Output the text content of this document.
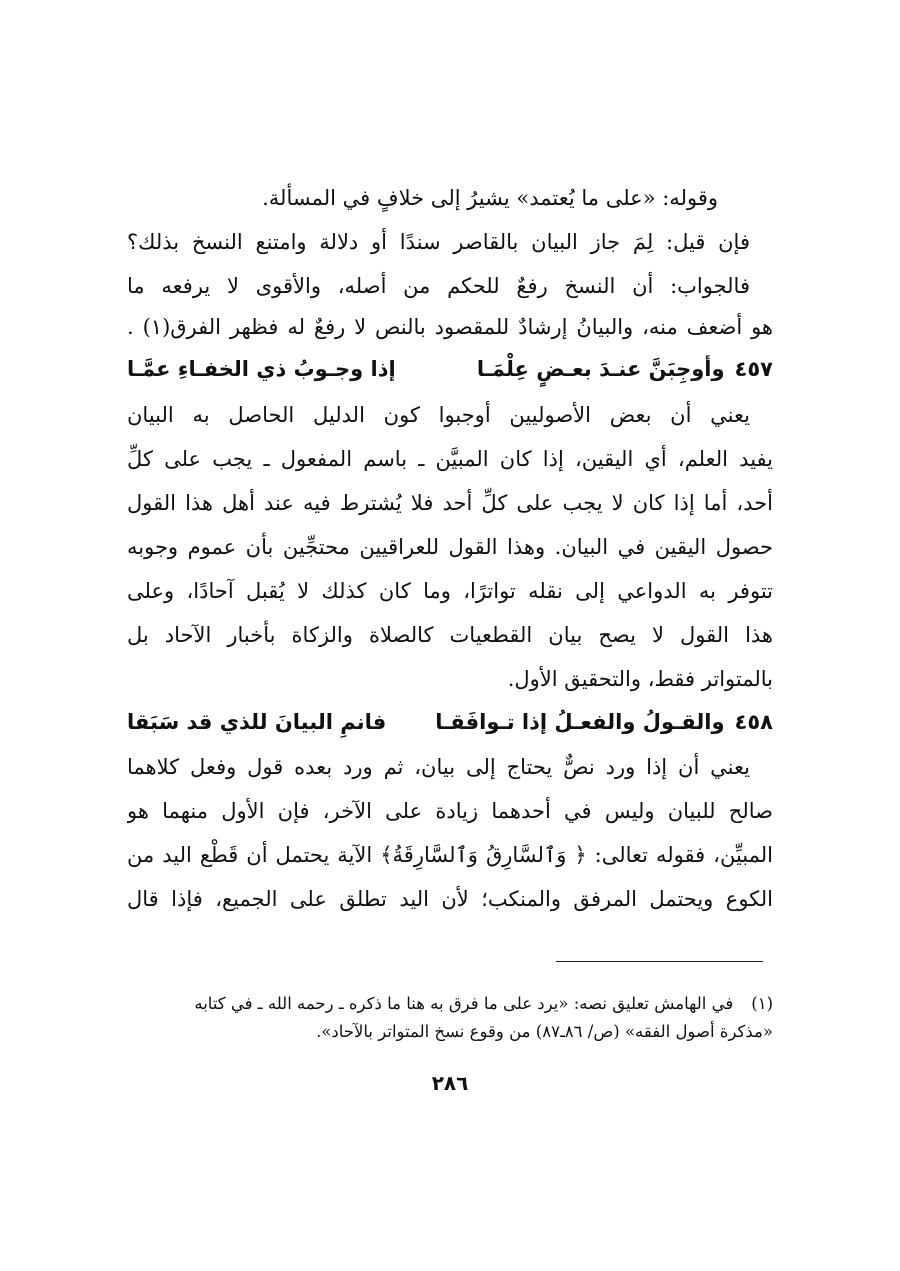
وقوله: «على ما يُعتمد» يشيرُ إلى خلافٍ في المسألة.
فإن قيل: لِمَ جاز البيان بالقاصر سندًا أو دلالة وامتنع النسخ بذلك؟
فالجواب: أن النسخ رفعٌ للحكم من أصله، والأقوى لا يرفعه ما
هو أضعف منه، والبيانُ إرشادٌ للمقصود بالنص لا رفعٌ له فظهر الفرق(١) .
٤٥٧
وأوجِبَنَّ عنـدَ بعـضٍ عِلْمَـا
إذا وجـوبُ ذي الخفـاءِ عمَّـا
يعني أن بعض الأصوليين أوجبوا كون الدليل الحاصل به البيان
يفيد العلم، أي اليقين، إذا كان المبيَّن ـ باسم المفعول ـ يجب على كلِّ
أحد، أما إذا كان لا يجب على كلِّ أحد فلا يُشترط فيه عند أهل هذا القول
حصول اليقين في البيان. وهذا القول للعراقيين محتجِّين بأن عموم وجوبه
تتوفر به الدواعي إلى نقله تواترًا، وما كان كذلك لا يُقبل آحادًا، وعلى
هذا القول لا يصح بيان القطعيات كالصلاة والزكاة بأخبار الآحاد بل
بالمتواتر فقط، والتحقيق الأول.
٤٥٨
والقـولُ والفعـلُ إذا تـوافَقـا
فانمِ البيانَ للذي قد سَبَقا
يعني أن إذا ورد نصٌّ يحتاج إلى بيان، ثم ورد بعده قول وفعل كلاهما
صالح للبيان وليس في أحدهما زيادة على الآخر، فإن الأول منهما هو
المبيِّن، فقوله تعالى: ﴿ وَٱلسَّارِقُ وَٱلسَّارِقَةُ﴾ الآية يحتمل أن قَطْع اليد من
الكوع ويحتمل المرفق والمنكب؛ لأن اليد تطلق على الجميع، فإذا قال
(١)في الهامش تعليق نصه: «يرد على ما فرق به هنا ما ذكره ـ رحمه الله ـ في كتابه
«مذكرة أصول الفقه» (ص/ ٨٦ـ٨٧) من وقوع نسخ المتواتر بالآحاد».
٢٨٦
